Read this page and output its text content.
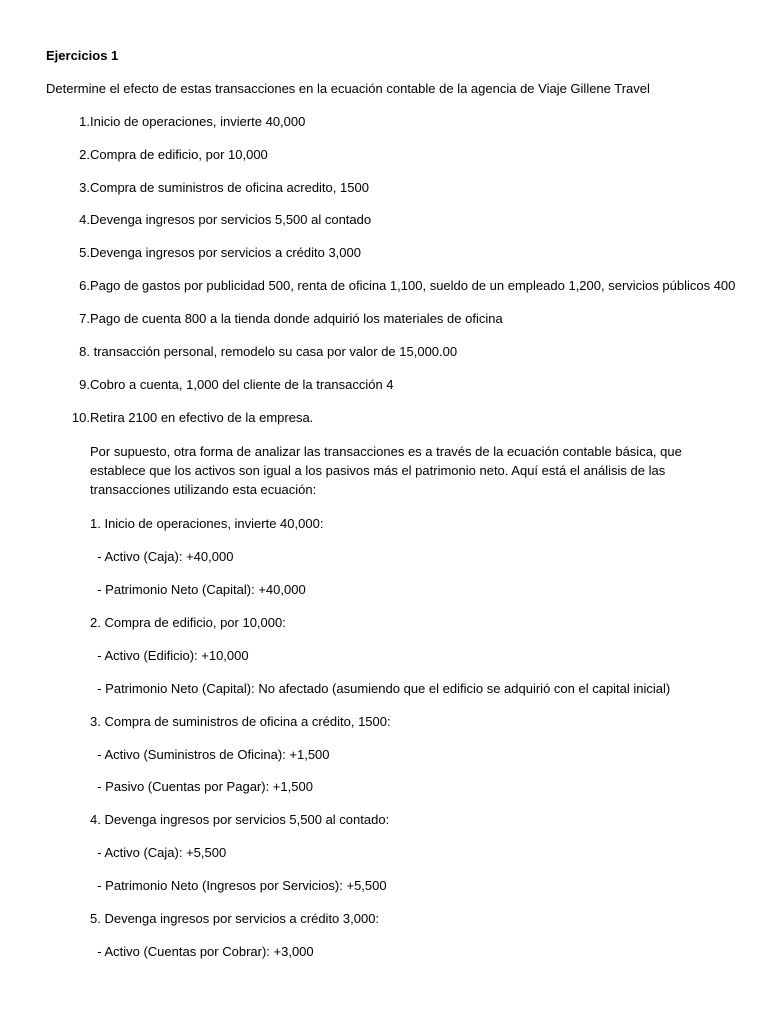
Ejercicios 1

Determine el efecto de estas transacciones en la ecuación contable de la agencia de Viaje Gillene Travel

1. Inicio de operaciones, invierte 40,000
2. Compra de edificio, por 10,000
3. Compra de suministros de oficina acredito, 1500
4. Devenga ingresos por servicios 5,500 al contado
5. Devenga ingresos por servicios a crédito 3,000
6. Pago de gastos por publicidad 500, renta de oficina 1,100, sueldo de un empleado 1,200, servicios públicos 400
7. Pago de cuenta 800 a la tienda donde adquirió los materiales de oficina
8. transacción personal, remodelo su casa por valor de 15,000.00
9. Cobro a cuenta, 1,000 del cliente de la transacción 4
10. Retira 2100 en efectivo de la empresa.

Por supuesto, otra forma de analizar las transacciones es a través de la ecuación contable básica, que establece que los activos son igual a los pasivos más el patrimonio neto. Aquí está el análisis de las transacciones utilizando esta ecuación:

1. Inicio de operaciones, invierte 40,000:
- Activo (Caja): +40,000
- Patrimonio Neto (Capital): +40,000
2. Compra de edificio, por 10,000:
- Activo (Edificio): +10,000
- Patrimonio Neto (Capital): No afectado (asumiendo que el edificio se adquirió con el capital inicial)
3. Compra de suministros de oficina a crédito, 1500:
- Activo (Suministros de Oficina): +1,500
- Pasivo (Cuentas por Pagar): +1,500
4. Devenga ingresos por servicios 5,500 al contado:
- Activo (Caja): +5,500
- Patrimonio Neto (Ingresos por Servicios): +5,500
5. Devenga ingresos por servicios a crédito 3,000:
- Activo (Cuentas por Cobrar): +3,000
